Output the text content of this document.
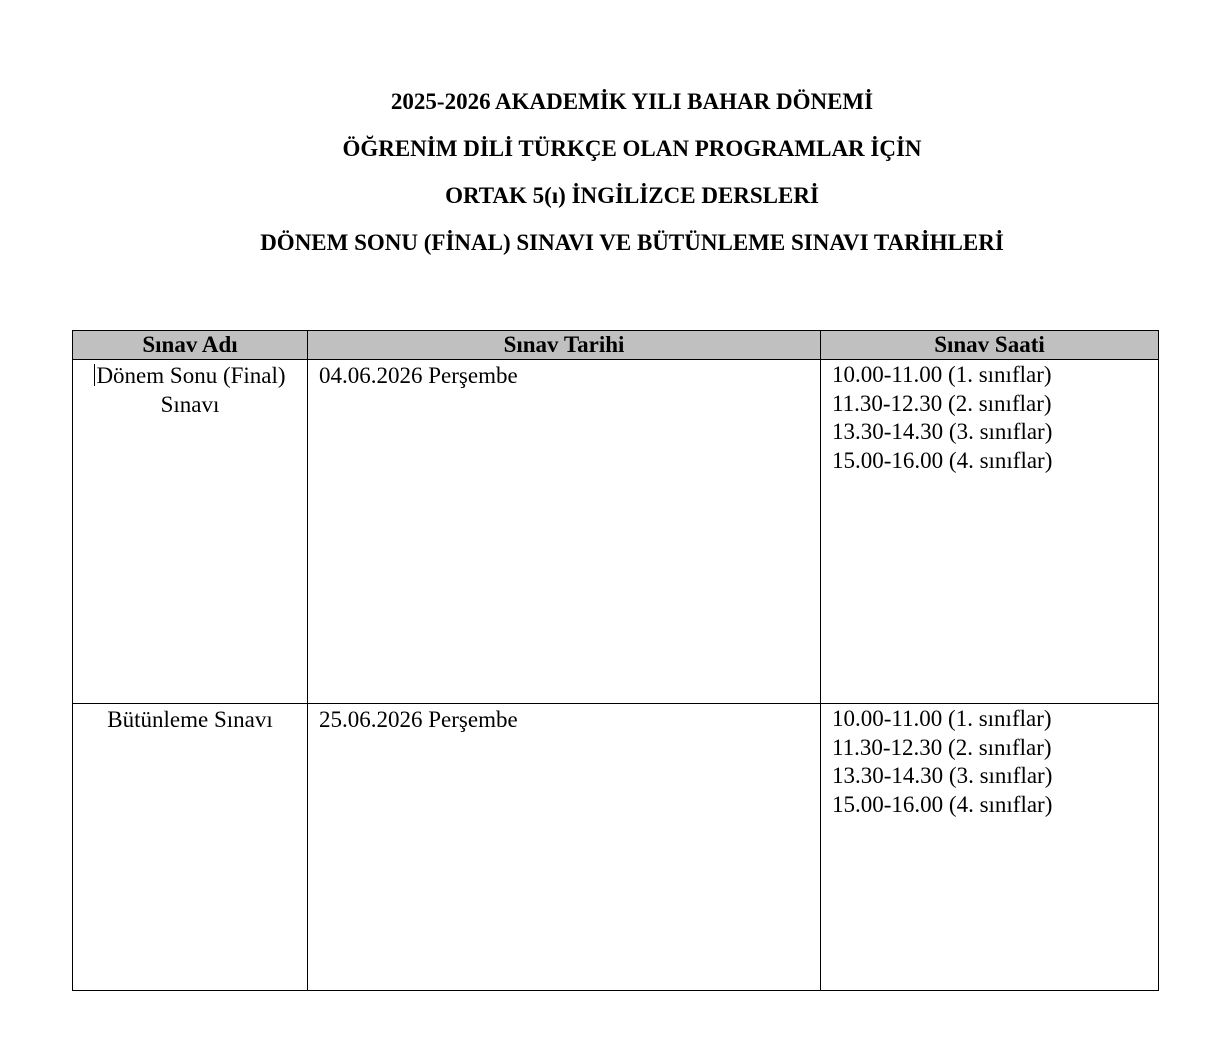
2025-2026 AKADEMİK YILI BAHAR DÖNEMİ
ÖĞRENİM DİLİ TÜRKÇE OLAN PROGRAMLAR İÇİN
ORTAK 5(ı) İNGİLİZCE DERSLERİ
DÖNEM SONU (FİNAL) SINAVI VE BÜTÜNLEME SINAVI TARİHLERİ
Sınav Adı	Sınav Tarihi	Sınav Saati
Dönem Sonu (Final)
Sınavı	04.06.2026 Perşembe	10.00-11.00 (1. sınıflar)
11.30-12.30 (2. sınıflar)
13.30-14.30 (3. sınıflar)
15.00-16.00 (4. sınıflar)

Bütünleme Sınavı	25.06.2026 Perşembe	10.00-11.00 (1. sınıflar)
11.30-12.30 (2. sınıflar)
13.30-14.30 (3. sınıflar)
15.00-16.00 (4. sınıflar)
